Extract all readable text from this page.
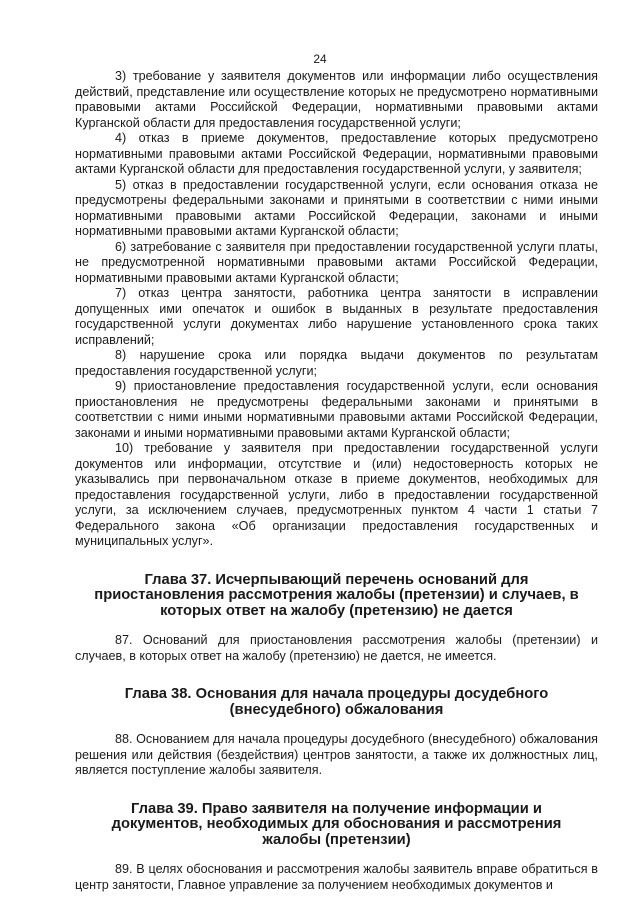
24

3) требование у заявителя документов или информации либо осуществления действий, представление или осуществление которых не предусмотрено нормативными правовыми актами Российской Федерации, нормативными правовыми актами Курганской области для предоставления государственной услуги;

4) отказ в приеме документов, предоставление которых предусмотрено нормативными правовыми актами Российской Федерации, нормативными правовыми актами Курганской области для предоставления государственной услуги, у заявителя;

5) отказ в предоставлении государственной услуги, если основания отказа не предусмотрены федеральными законами и принятыми в соответствии с ними иными нормативными правовыми актами Российской Федерации, законами и иными нормативными правовыми актами Курганской области;

6) затребование с заявителя при предоставлении государственной услуги платы, не предусмотренной нормативными правовыми актами Российской Федерации, нормативными правовыми актами Курганской области;

7) отказ центра занятости, работника центра занятости в исправлении допущенных ими опечаток и ошибок в выданных в результате предоставления государственной услуги документах либо нарушение установленного срока таких исправлений;

8) нарушение срока или порядка выдачи документов по результатам предоставления государственной услуги;

9) приостановление предоставления государственной услуги, если основания приостановления не предусмотрены федеральными законами и принятыми в соответствии с ними иными нормативными правовыми актами Российской Федерации, законами и иными нормативными правовыми актами Курганской области;

10) требование у заявителя при предоставлении государственной услуги документов или информации, отсутствие и (или) недостоверность которых не указывались при первоначальном отказе в приеме документов, необходимых для предоставления государственной услуги, либо в предоставлении государственной услуги, за исключением случаев, предусмотренных пунктом 4 части 1 статьи 7 Федерального закона «Об организации предоставления государственных и муниципальных услуг».

Глава 37. Исчерпывающий перечень оснований для приостановления рассмотрения жалобы (претензии) и случаев, в которых ответ на жалобу (претензию) не дается

87. Оснований для приостановления рассмотрения жалобы (претензии) и случаев, в которых ответ на жалобу (претензию) не дается, не имеется.

Глава 38. Основания для начала процедуры досудебного (внесудебного) обжалования

88. Основанием для начала процедуры досудебного (внесудебного) обжалования решения или действия (бездействия) центров занятости, а также их должностных лиц, является поступление жалобы заявителя.

Глава 39. Право заявителя на получение информации и документов, необходимых для обоснования и рассмотрения жалобы (претензии)

89. В целях обоснования и рассмотрения жалобы заявитель вправе обратиться в центр занятости, Главное управление за получением необходимых документов и
